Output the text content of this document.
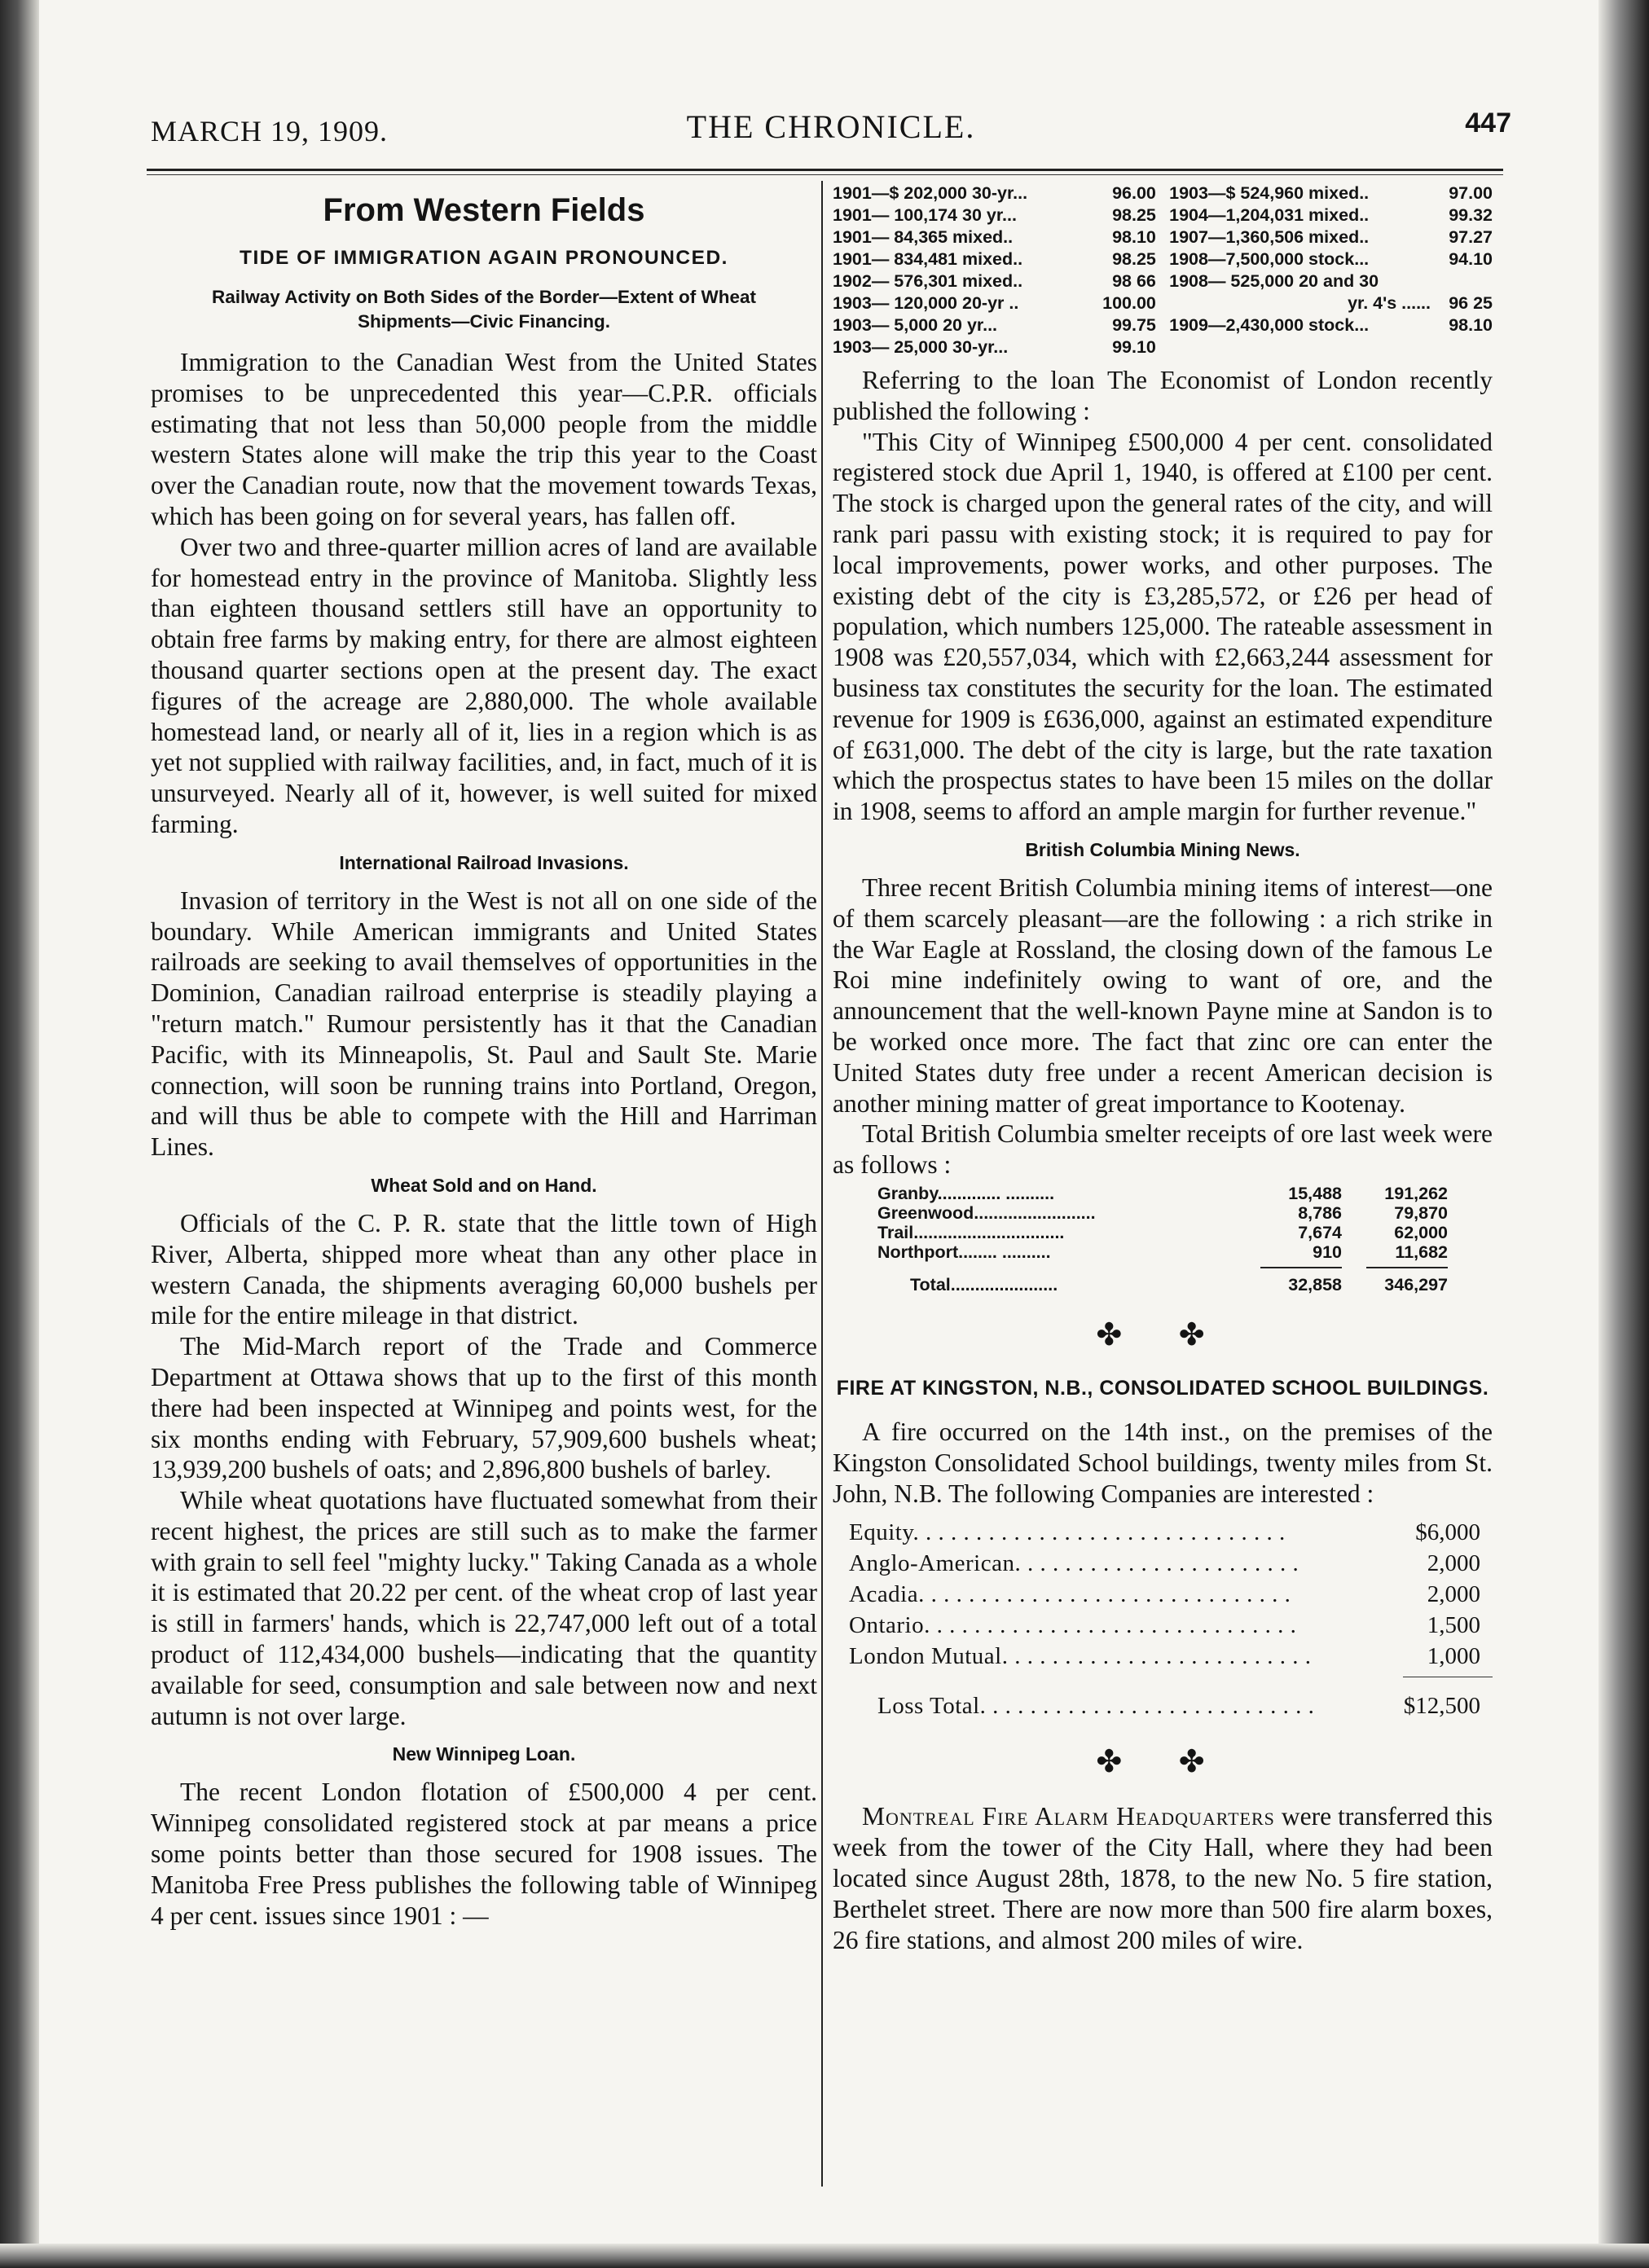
MARCH 19, 1909.	THE CHRONICLE.	447
From Western Fields
TIDE OF IMMIGRATION AGAIN PRONOUNCED.
Railway Activity on Both Sides of the Border—Extent of Wheat Shipments—Civic Financing.

Immigration to the Canadian West from the United States promises to be unprecedented this year—C.P.R. officials estimating that not less than 50,000 people from the middle western States alone will make the trip this year to the Coast over the Canadian route, now that the movement towards Texas, which has been going on for several years, has fallen off.

Over two and three-quarter million acres of land are available for homestead entry in the province of Manitoba. Slightly less than eighteen thousand settlers still have an opportunity to obtain free farms by making entry, for there are almost eighteen thousand quarter sections open at the present day. The exact figures of the acreage are 2,880,000. The whole available homestead land, or nearly all of it, lies in a region which is as yet not supplied with railway facilities, and, in fact, much of it is unsurveyed. Nearly all of it, however, is well suited for mixed farming.

International Railroad Invasions.

Invasion of territory in the West is not all on one side of the boundary. While American immigrants and United States railroads are seeking to avail themselves of opportunities in the Dominion, Canadian railroad enterprise is steadily playing a "return match." Rumour persistently has it that the Canadian Pacific, with its Minneapolis, St. Paul and Sault Ste. Marie connection, will soon be running trains into Portland, Oregon, and will thus be able to compete with the Hill and Harriman Lines.

Wheat Sold and on Hand.

Officials of the C. P. R. state that the little town of High River, Alberta, shipped more wheat than any other place in western Canada, the shipments averaging 60,000 bushels per mile for the entire mileage in that district.

The Mid-March report of the Trade and Commerce Department at Ottawa shows that up to the first of this month there had been inspected at Winnipeg and points west, for the six months ending with February, 57,909,600 bushels wheat; 13,939,200 bushels of oats; and 2,896,800 bushels of barley.

While wheat quotations have fluctuated somewhat from their recent highest, the prices are still such as to make the farmer with grain to sell feel "mighty lucky." Taking Canada as a whole it is estimated that 20.22 per cent. of the wheat crop of last year is still in farmers' hands, which is 22,747,000 left out of a total product of 112,434,000 bushels—indicating that the quantity available for seed, consumption and sale between now and next autumn is not over large.

New Winnipeg Loan.

The recent London flotation of £500,000 4 per cent. Winnipeg consolidated registered stock at par means a price some points better than those secured for 1908 issues. The Manitoba Free Press publishes the following table of Winnipeg 4 per cent. issues since 1901 : —

1901—$ 202,000 30-yr...	96.00
1901— 100,174 30 yr...	98.25
1901— 84,365 mixed..	98.10
1901— 834,481 mixed..	98.25
1902— 576,301 mixed..	98 66
1903— 120,000 20-yr ..	100.00
1903— 5,000 20 yr...	99.75
1903— 25,000 30-yr...	99.10
1903—$ 524,960 mixed..	97.00
1904—1,204,031 mixed..	99.32
1907—1,360,506 mixed..	97.27
1908—7,500,000 stock...	94.10
1908— 525,000 20 and 30
yr. 4's ......	96 25
1909—2,430,000 stock...	98.10

Referring to the loan The Economist of London recently published the following :

"This City of Winnipeg £500,000 4 per cent. consolidated registered stock due April 1, 1940, is offered at £100 per cent. The stock is charged upon the general rates of the city, and will rank pari passu with existing stock; it is required to pay for local improvements, power works, and other purposes. The existing debt of the city is £3,285,572, or £26 per head of population, which numbers 125,000. The rateable assessment in 1908 was £20,557,034, which with £2,663,244 assessment for business tax constitutes the security for the loan. The estimated revenue for 1909 is £636,000, against an estimated expenditure of £631,000. The debt of the city is large, but the rate taxation which the prospectus states to have been 15 miles on the dollar in 1908, seems to afford an ample margin for further revenue."

British Columbia Mining News.

Three recent British Columbia mining items of interest—one of them scarcely pleasant—are the following : a rich strike in the War Eagle at Rossland, the closing down of the famous Le Roi mine indefinitely owing to want of ore, and the announcement that the well-known Payne mine at Sandon is to be worked once more. The fact that zinc ore can enter the United States duty free under a recent American decision is another mining matter of great importance to Kootenay.

Total British Columbia smelter receipts of ore last week were as follows :

Granby............. ..........	15,488	191,262
Greenwood.........................	8,786	79,870
Trail...............................	7,674	62,000
Northport........ ..........	910	11,682
Total......................	32,858	346,297
✤ ✤
FIRE AT KINGSTON, N.B., CONSOLIDATED SCHOOL BUILDINGS.

A fire occurred on the 14th inst., on the premises of the Kingston Consolidated School buildings, twenty miles from St. John, N.B. The following Companies are interested :

Equity. . . . . . . . . . . . . . . . . . . . . . . . . . . . . .	$6,000
Anglo-American. . . . . . . . . . . . . . . . . . . . . . .	2,000
Acadia. . . . . . . . . . . . . . . . . . . . . . . . . . . . . .	2,000
Ontario. . . . . . . . . . . . . . . . . . . . . . . . . . . . . .	1,500
London Mutual. . . . . . . . . . . . . . . . . . . . . . . . .	1,000
Loss Total. . . . . . . . . . . . . . . . . . . . . . . . . . .	$12,500
✤ ✤

Montreal Fire Alarm Headquarters were transferred this week from the tower of the City Hall, where they had been located since August 28th, 1878, to the new No. 5 fire station, Berthelet street. There are now more than 500 fire alarm boxes, 26 fire stations, and almost 200 miles of wire.
